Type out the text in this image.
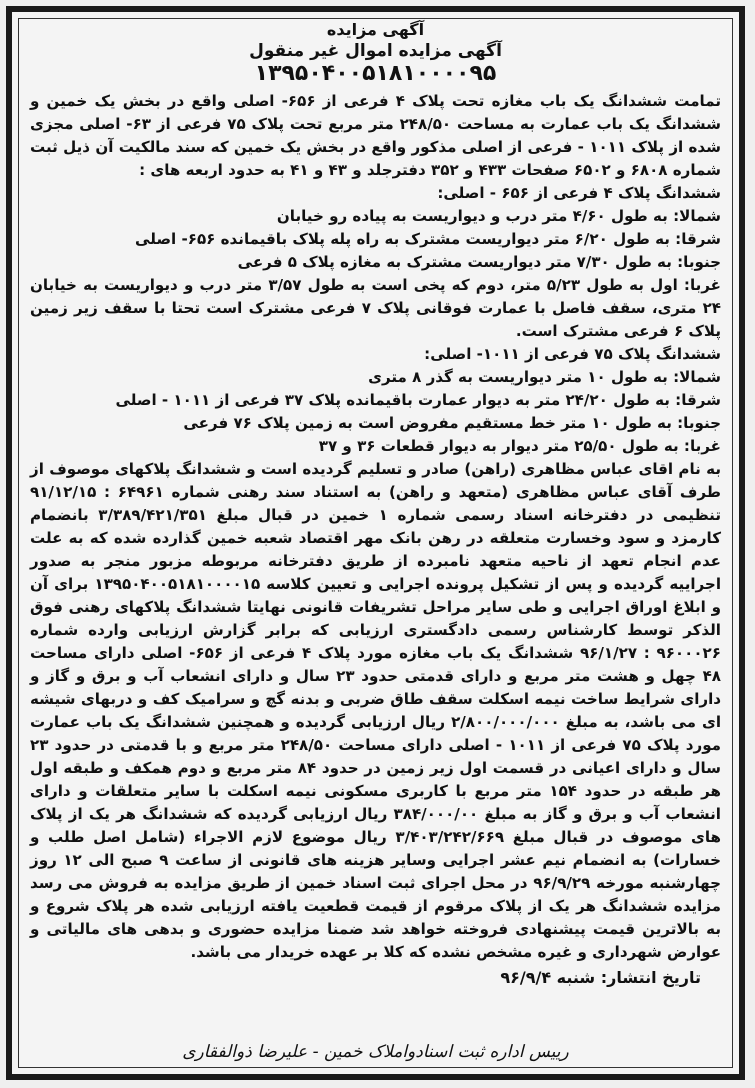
آگهی مزایده
آگهی مزایده اموال غیر منقول
۱۳۹۵۰۴۰۰۵۱۸۱۰۰۰۰۹۵

تمامت ششدانگ یک باب مغازه تحت پلاک ۴ فرعی از ۶۵۶- اصلی واقع در بخش یک خمین و ششدانگ یک باب عمارت به مساحت ۲۴۸/۵۰ متر مربع تحت پلاک ۷۵ فرعی از ۶۳- اصلی مجزی شده از پلاک ۱۰۱۱ - فرعی از اصلی مذکور واقع در بخش یک خمین که سند مالکیت آن ذیل ثبت شماره ۶۸۰۸ و ۶۵۰۲ صفحات ۴۳۳ و ۳۵۲ دفترجلد و ۴۳ و ۴۱ به حدود اربعه های :

ششدانگ پلاک ۴ فرعی از ۶۵۶ - اصلی:
شمالا: به طول ۴/۶۰ متر درب و دیواریست به پیاده رو خیابان
شرقا: به طول ۶/۲۰ متر دیواریست مشترک به راه پله پلاک باقیمانده ۶۵۶- اصلی
جنوبا: به طول ۷/۳۰ متر دیواریست مشترک به مغازه پلاک ۵ فرعی

غربا: اول به طول ۵/۲۳ متر، دوم که پخی است به طول ۳/۵۷ متر درب و دیواریست به خیابان ۲۴ متری، سقف فاصل با عمارت فوقانی پلاک ۷ فرعی مشترک است تحتا با سقف زیر زمین پلاک ۶ فرعی مشترک است.

ششدانگ پلاک ۷۵ فرعی از ۱۰۱۱- اصلی:
شمالا: به طول ۱۰ متر دیواریست به گذر ۸ متری
شرقا: به طول ۲۴/۲۰ متر به دیوار عمارت باقیمانده پلاک ۳۷ فرعی از ۱۰۱۱ - اصلی
جنوبا: به طول ۱۰ متر خط مستقیم مفروض است به زمین پلاک ۷۶ فرعی
غربا: به طول ۲۵/۵۰ متر دیوار به دیوار قطعات ۳۶ و ۳۷

به نام اقای عباس مظاهری (راهن) صادر و تسلیم گردیده است و ششدانگ پلاکهای موصوف از طرف آقای عباس مظاهری (متعهد و راهن) به استناد سند رهنی شماره ۶۴۹۶۱ : ۹۱/۱۲/۱۵ تنظیمی در دفترخانه اسناد رسمی شماره ۱ خمین در قبال مبلغ ۳/۳۸۹/۴۲۱/۳۵۱ بانضمام کارمزد و سود وخسارت متعلقه در رهن بانک مهر اقتصاد شعبه خمین گذارده شده که به علت عدم انجام تعهد از ناحیه متعهد نامبرده از طریق دفترخانه مربوطه مزبور منجر به صدور اجراییه گردیده و پس از تشکیل پرونده اجرایی و تعیین کلاسه ۱۳۹۵۰۴۰۰۵۱۸۱۰۰۰۰۱۵ برای آن و ابلاغ اوراق اجرایی و طی سایر مراحل تشریفات قانونی نهایتا ششدانگ پلاکهای رهنی فوق الذکر توسط کارشناس رسمی دادگستری ارزیابی که برابر گزارش ارزیابی وارده شماره ۹۶۰۰۰۲۶ : ۹۶/۱/۲۷ ششدانگ یک باب مغازه مورد پلاک ۴ فرعی از ۶۵۶- اصلی دارای مساحت ۴۸ چهل و هشت متر مربع و دارای قدمتی حدود ۲۳ سال و دارای انشعاب آب و برق و گاز و دارای شرایط ساخت نیمه اسکلت سقف طاق ضربی و بدنه گچ و سرامیک کف و دربهای شیشه ای می باشد، به مبلغ ۲/۸۰۰/۰۰۰/۰۰۰ ریال ارزیابی گردیده و همچنین ششدانگ یک باب عمارت مورد پلاک ۷۵ فرعی از ۱۰۱۱ - اصلی دارای مساحت ۲۴۸/۵۰ متر مربع و با قدمتی در حدود ۲۳ سال و دارای اعیانی در قسمت اول زیر زمین در حدود ۸۴ متر مربع و دوم همکف و طبقه اول هر طبقه در حدود ۱۵۴ متر مربع با کاربری مسکونی نیمه اسکلت با سایر متعلقات و دارای انشعاب آب و برق و گاز به مبلغ ۳۸۴/۰۰۰/۰۰ ریال ارزیابی گردیده که ششدانگ هر یک از پلاک های موصوف در قبال مبلغ ۳/۴۰۳/۲۴۲/۶۶۹ ریال موضوع لازم الاجراء (شامل اصل طلب و خسارات) به انضمام نیم عشر اجرایی وسایر هزینه های قانونی از ساعت ۹ صبح الی ۱۲ روز چهارشنبه مورخه ۹۶/۹/۲۹ در محل اجرای ثبت اسناد خمین از طریق مزایده به فروش می رسد مزایده ششدانگ هر یک از پلاک مرقوم از قیمت قطعیت یافته ارزیابی شده هر پلاک شروع و به بالاترین قیمت پیشنهادی فروخته خواهد شد ضمنا مزایده حضوری و بدهی های مالیاتی و عوارض شهرداری و غیره مشخص نشده که کلا بر عهده خریدار می باشد.

تاریخ انتشار: شنبه ۹۶/۹/۴
رییس اداره ثبت اسنادواملاک خمین - علیرضا ذوالفقاری
